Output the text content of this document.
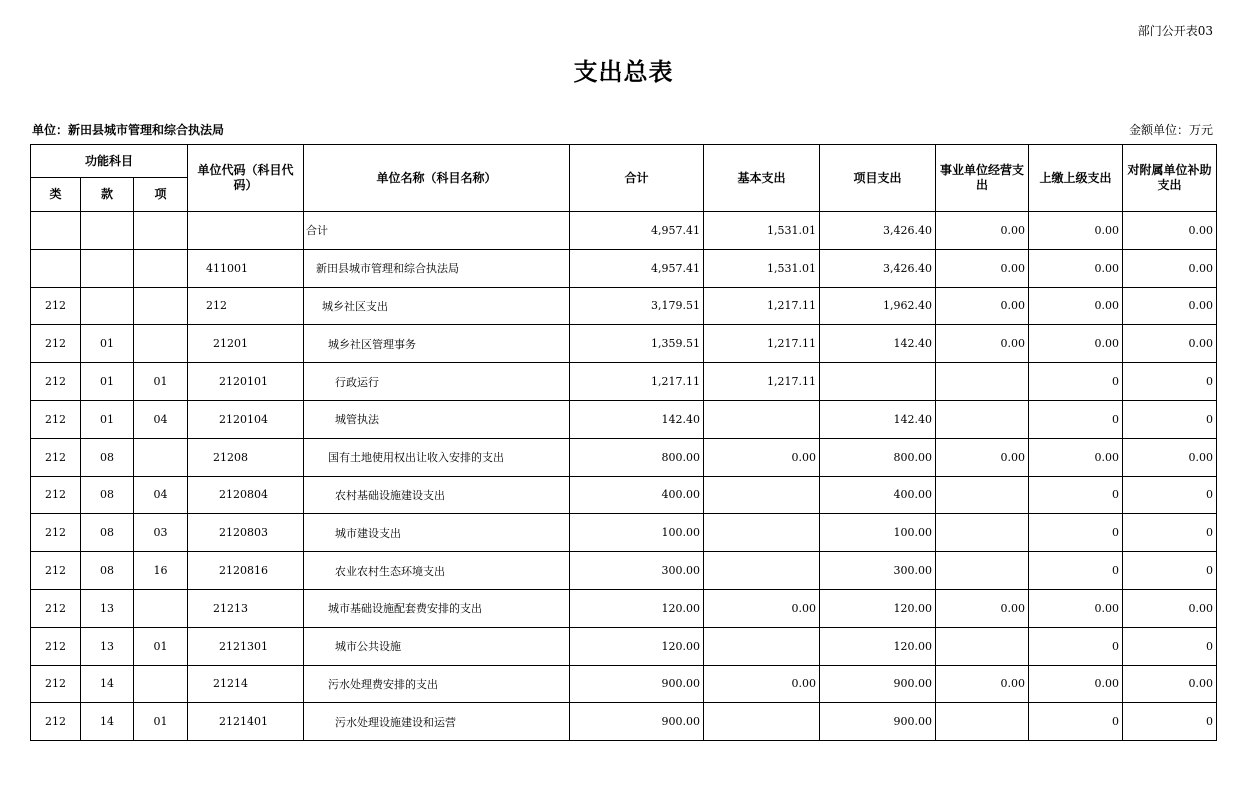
部门公开表03
支出总表
单位：新田县城市管理和综合执法局	金额单位：万元
功能科目			单位代码（科目代码）	单位名称（科目名称）	合计	基本支出	项目支出	事业单位经营支出	上缴上级支出	对附属单位补助支出
类	款	项								
				合计	4,957.41	1,531.01	3,426.40	0.00	0.00	0.00
			411001	新田县城市管理和综合执法局	4,957.41	1,531.01	3,426.40	0.00	0.00	0.00
212			212	城乡社区支出	3,179.51	1,217.11	1,962.40	0.00	0.00	0.00
212	01		21201	城乡社区管理事务	1,359.51	1,217.11	142.40	0.00	0.00	0.00
212	01	01	2120101	行政运行	1,217.11	1,217.11			0	0
212	01	04	2120104	城管执法	142.40		142.40		0	0
212	08		21208	国有土地使用权出让收入安排的支出	800.00	0.00	800.00	0.00	0.00	0.00
212	08	04	2120804	农村基础设施建设支出	400.00		400.00		0	0
212	08	03	2120803	城市建设支出	100.00		100.00		0	0
212	08	16	2120816	农业农村生态环境支出	300.00		300.00		0	0
212	13		21213	城市基础设施配套费安排的支出	120.00	0.00	120.00	0.00	0.00	0.00
212	13	01	2121301	城市公共设施	120.00		120.00		0	0
212	14		21214	污水处理费安排的支出	900.00	0.00	900.00	0.00	0.00	0.00
212	14	01	2121401	污水处理设施建设和运营	900.00		900.00		0	0
